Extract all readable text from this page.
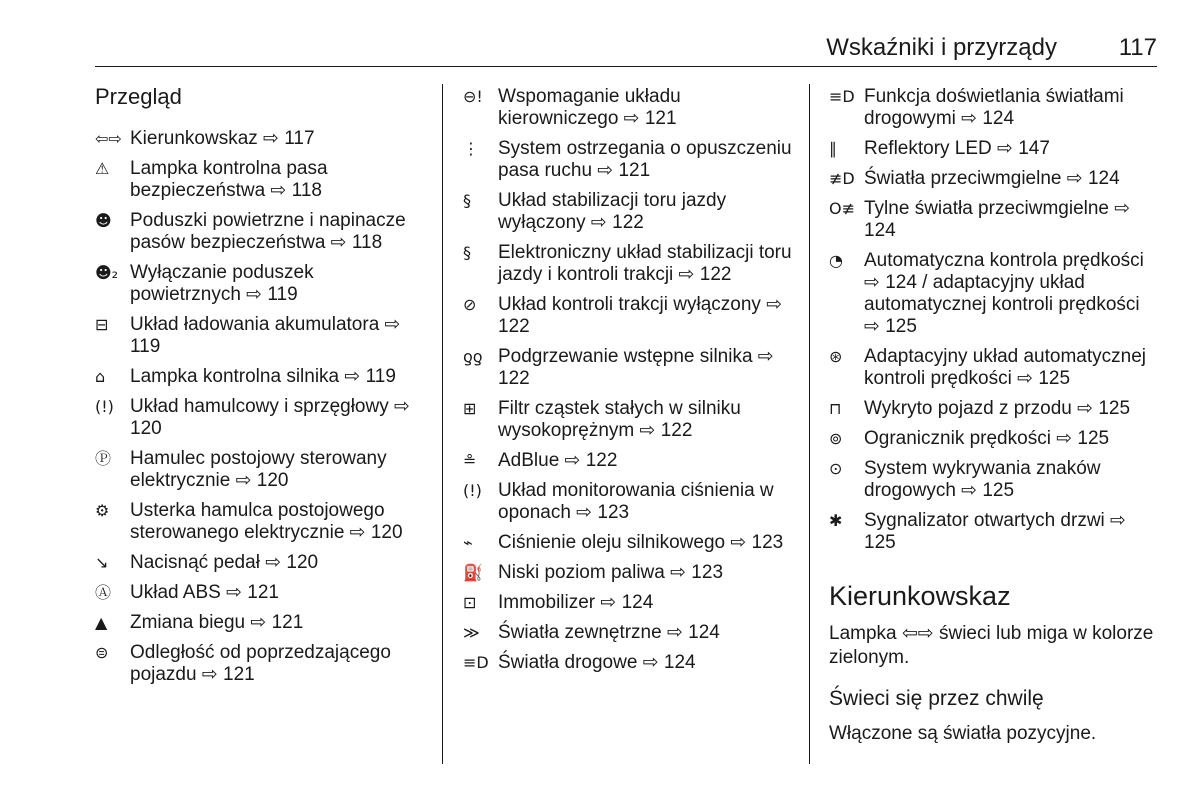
Wskaźniki i przyrządy	117
Przegląd
⇦⇨ Kierunkowskaz ⇨ 117
⚠	Lampka kontrolna pasa bezpieczeństwa ⇨ 118
☻ Poduszki powietrzne i napinacze pasów bezpieczeństwa ⇨ 118
☻₂ Wyłączanie poduszek powietrznych ⇨ 119
⊟	Układ ładowania akumulatora ⇨ 119
⌂	Lampka kontrolna silnika ⇨ 119
(!) Układ hamulcowy i sprzęgłowy ⇨ 120
Ⓟ Hamulec postojowy sterowany elektrycznie ⇨ 120
⚙	Usterka hamulca postojowego sterowanego elektrycznie ⇨ 120
↘	Nacisnąć pedał ⇨ 120
Ⓐ Układ ABS ⇨ 121
▲	Zmiana biegu ⇨ 121
⊜	Odległość od poprzedzającego pojazdu ⇨ 121
⊖! Wspomaganie układu kierowniczego ⇨ 121
⋮	System ostrzegania o opuszczeniu pasa ruchu ⇨ 121
§	Układ stabilizacji toru jazdy wyłączony ⇨ 122
§	Elektroniczny układ stabilizacji toru jazdy i kontroli trakcji ⇨ 122
⊘	Układ kontroli trakcji wyłączony ⇨ 122
ƍƍ Podgrzewanie wstępne silnika ⇨ 122
⊞	Filtr cząstek stałych w silniku wysokoprężnym ⇨ 122
≗	AdBlue ⇨ 122
(!) Układ monitorowania ciśnienia w oponach ⇨ 123
⌁	Ciśnienie oleju silnikowego ⇨ 123
⛽ Niski poziom paliwa ⇨ 123
⊡	Immobilizer ⇨ 124
≫ Światła zewnętrzne ⇨ 124
≡D Światła drogowe ⇨ 124
≡D Funkcja doświetlania światłami drogowymi ⇨ 124
∥	Reflektory LED ⇨ 147
≢D Światła przeciwmgielne ⇨ 124
O≢ Tylne światła przeciwmgielne ⇨ 124
◔	Automatyczna kontrola prędkości ⇨ 124 / adaptacyjny układ automatycznej kontroli prędkości ⇨ 125
⊛	Adaptacyjny układ automatycznej kontroli prędkości ⇨ 125
⊓	Wykryto pojazd z przodu ⇨ 125
⊚	Ogranicznik prędkości ⇨ 125
⊙	System wykrywania znaków drogowych ⇨ 125
✱	Sygnalizator otwartych drzwi ⇨ 125
Kierunkowskaz

Lampka ⇦⇨ świeci lub miga w kolorze zielonym.

Świeci się przez chwilę

Włączone są światła pozycyjne.
